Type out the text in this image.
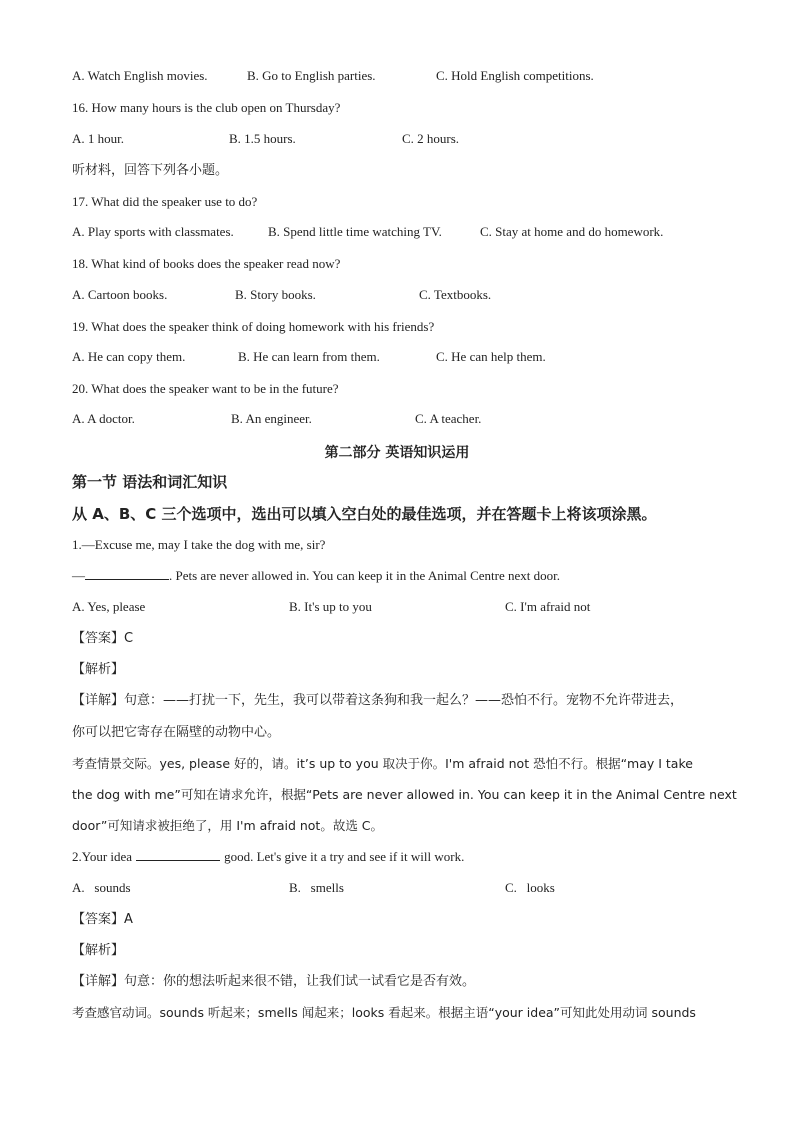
A. Watch English movies.	B. Go to English parties.	C. Hold English competitions.
16. How many hours is the club open on Thursday?
A. 1 hour.	B. 1.5 hours.	C. 2 hours.
听材料，回答下列各小题。
17. What did the speaker use to do?
A. Play sports with classmates.	B. Spend little time watching TV.	C. Stay at home and do homework.
18. What kind of books does the speaker read now?
A. Cartoon books.	B. Story books.	C. Textbooks.
19. What does the speaker think of doing homework with his friends?
A. He can copy them.	B. He can learn from them.	C. He can help them.
20. What does the speaker want to be in the future?
A. A doctor.	B. An engineer.	C. A teacher.
第二部分 英语知识运用
第一节 语法和词汇知识
从 A、B、C 三个选项中，选出可以填入空白处的最佳选项，并在答题卡上将该项涂黑。
1.—Excuse me, may I take the dog with me, sir?
—	. Pets are never allowed in. You can keep it in the Animal Centre next door.
A. Yes, please	B. It's up to you	C. I'm afraid not
【答案】C
【解析】
【详解】句意：——打扰一下，先生，我可以带着这条狗和我一起么？——恐怕不行。宠物不允许带进去，
你可以把它寄存在隔壁的动物中心。
考查情景交际。yes, please 好的，请。it’s up to you 取决于你。I'm afraid not 恐怕不行。根据“may I take
the dog with me”可知在请求允许，根据“Pets are never allowed in. You can keep it in the Animal Centre next
door”可知请求被拒绝了，用 I'm afraid not。故选 C。
2.Your idea	good. Let's give it a try and see if it will work.
A. sounds	B. smells	C. looks
【答案】A
【解析】
【详解】句意：你的想法听起来很不错，让我们试一试看它是否有效。
考查感官动词。sounds 听起来；smells 闻起来；looks 看起来。根据主语“your idea”可知此处用动词 sounds
